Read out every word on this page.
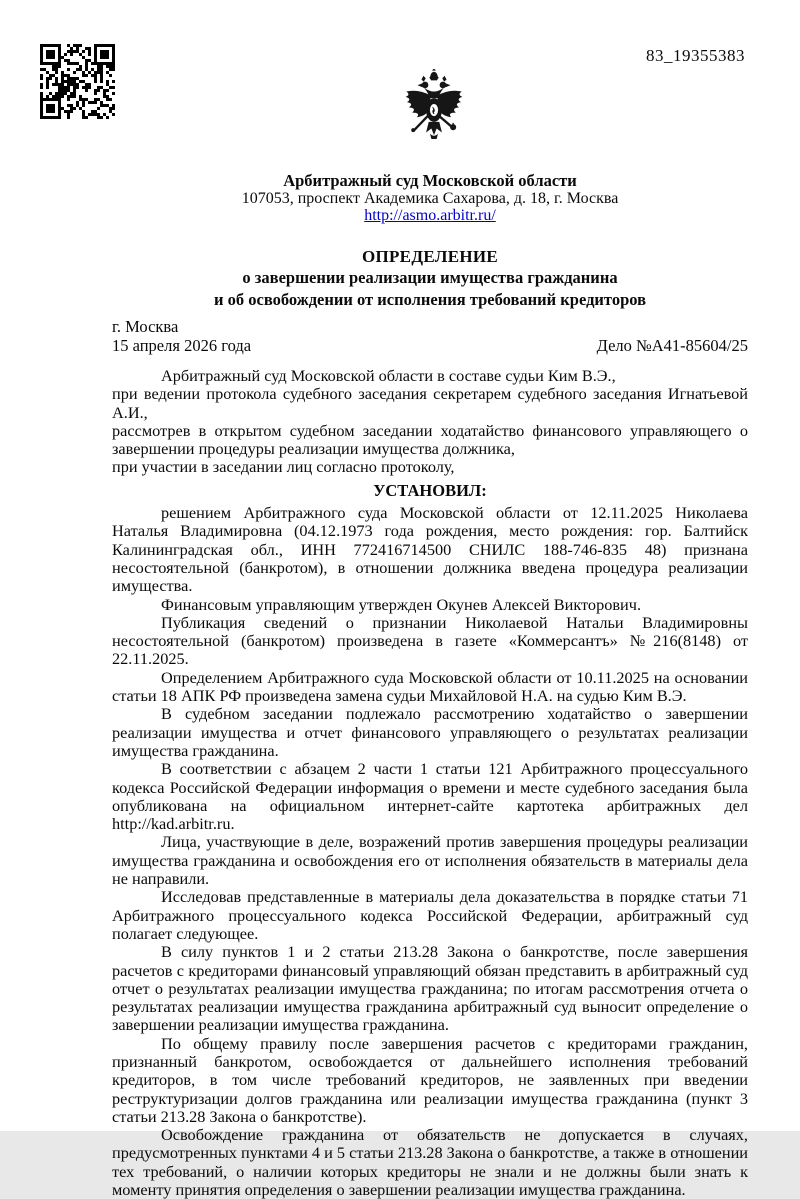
83_19355383
Арбитражный суд Московской области
107053, проспект Академика Сахарова, д. 18, г. Москва
http://asmo.arbitr.ru/
ОПРЕДЕЛЕНИЕ
о завершении реализации имущества гражданина
и об освобождении от исполнения требований кредиторов
г. Москва
15 апреля 2026 года	Дело №А41-85604/25

Арбитражный суд Московской области в составе судьи Ким В.Э.,

при ведении протокола судебного заседания секретарем судебного заседания Игнатьевой А.И.,

рассмотрев в открытом судебном заседании ходатайство финансового управляющего о завершении процедуры реализации имущества должника,

при участии в заседании лиц согласно протоколу,

УСТАНОВИЛ:

решением Арбитражного суда Московской области от 12.11.2025 Николаева Наталья Владимировна (04.12.1973 года рождения, место рождения: гор. Балтийск Калининградская обл., ИНН 772416714500 СНИЛС 188-746-835 48) признана несостоятельной (банкротом), в отношении должника введена процедура реализации имущества.

Финансовым управляющим утвержден Окунев Алексей Викторович.

Публикация сведений о признании Николаевой Натальи Владимировны несостоятельной (банкротом) произведена в газете «Коммерсантъ» №216(8148) от 22.11.2025.

Определением Арбитражного суда Московской области от 10.11.2025 на основании статьи 18 АПК РФ произведена замена судьи Михайловой Н.А. на судью Ким В.Э.

В судебном заседании подлежало рассмотрению ходатайство о завершении реализации имущества и отчет финансового управляющего о результатах реализации имущества гражданина.

В соответствии с абзацем 2 части 1 статьи 121 Арбитражного процессуального кодекса Российской Федерации информация о времени и месте судебного заседания была опубликована на официальном интернет-сайте картотека арбитражных дел http://kad.arbitr.ru.

Лица, участвующие в деле, возражений против завершения процедуры реализации имущества гражданина и освобождения его от исполнения обязательств в материалы дела не направили.

Исследовав представленные в материалы дела доказательства в порядке статьи 71 Арбитражного процессуального кодекса Российской Федерации, арбитражный суд полагает следующее.

В силу пунктов 1 и 2 статьи 213.28 Закона о банкротстве, после завершения расчетов с кредиторами финансовый управляющий обязан представить в арбитражный суд отчет о результатах реализации имущества гражданина; по итогам рассмотрения отчета о результатах реализации имущества гражданина арбитражный суд выносит определение о завершении реализации имущества гражданина.

По общему правилу после завершения расчетов с кредиторами гражданин, признанный банкротом, освобождается от дальнейшего исполнения требований кредиторов, в том числе требований кредиторов, не заявленных при введении реструктуризации долгов гражданина или реализации имущества гражданина (пункт 3 статьи 213.28 Закона о банкротстве).

Освобождение гражданина от обязательств не допускается в случаях, предусмотренных пунктами 4 и 5 статьи 213.28 Закона о банкротстве, а также в отношении тех требований, о наличии которых кредиторы не знали и не должны были знать к моменту принятия определения о завершении реализации имущества гражданина.
